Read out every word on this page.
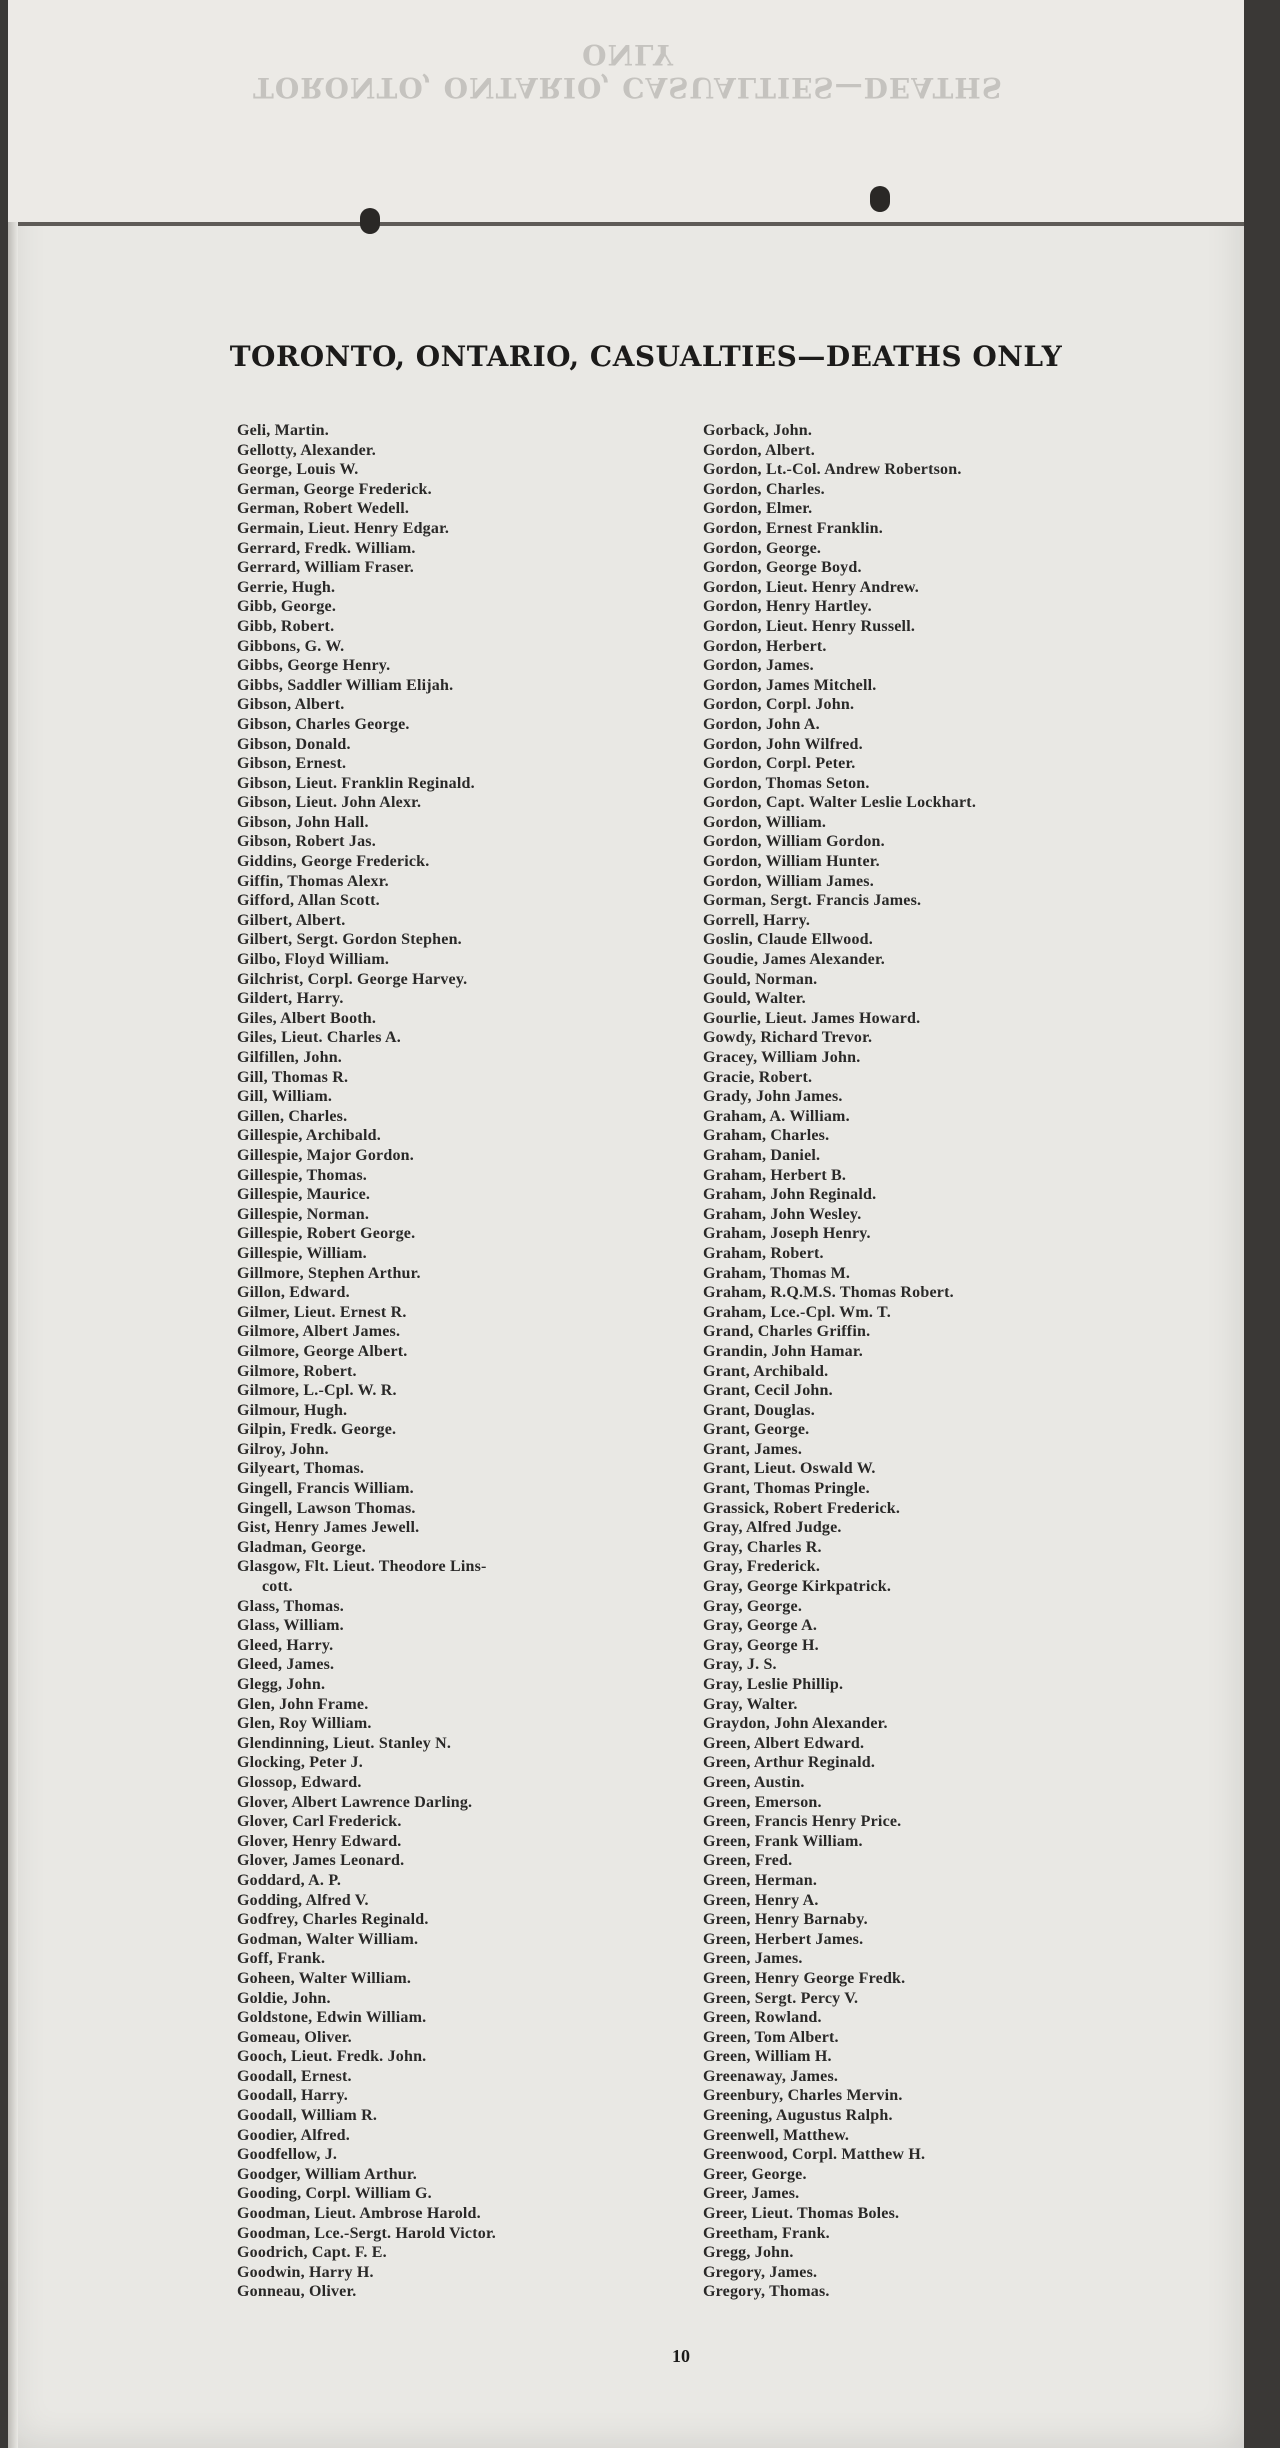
TORONTO, ONTARIO, CASUALTIES—DEATHS ONLY
TORONTO, ONTARIO, CASUALTIES—DEATHS ONLY
Geli, Martin.
Gellotty, Alexander.
George, Louis W.
German, George Frederick.
German, Robert Wedell.
Germain, Lieut. Henry Edgar.
Gerrard, Fredk. William.
Gerrard, William Fraser.
Gerrie, Hugh.
Gibb, George.
Gibb, Robert.
Gibbons, G. W.
Gibbs, George Henry.
Gibbs, Saddler William Elijah.
Gibson, Albert.
Gibson, Charles George.
Gibson, Donald.
Gibson, Ernest.
Gibson, Lieut. Franklin Reginald.
Gibson, Lieut. John Alexr.
Gibson, John Hall.
Gibson, Robert Jas.
Giddins, George Frederick.
Giffin, Thomas Alexr.
Gifford, Allan Scott.
Gilbert, Albert.
Gilbert, Sergt. Gordon Stephen.
Gilbo, Floyd William.
Gilchrist, Corpl. George Harvey.
Gildert, Harry.
Giles, Albert Booth.
Giles, Lieut. Charles A.
Gilfillen, John.
Gill, Thomas R.
Gill, William.
Gillen, Charles.
Gillespie, Archibald.
Gillespie, Major Gordon.
Gillespie, Thomas.
Gillespie, Maurice.
Gillespie, Norman.
Gillespie, Robert George.
Gillespie, William.
Gillmore, Stephen Arthur.
Gillon, Edward.
Gilmer, Lieut. Ernest R.
Gilmore, Albert James.
Gilmore, George Albert.
Gilmore, Robert.
Gilmore, L.-Cpl. W. R.
Gilmour, Hugh.
Gilpin, Fredk. George.
Gilroy, John.
Gilyeart, Thomas.
Gingell, Francis William.
Gingell, Lawson Thomas.
Gist, Henry James Jewell.
Gladman, George.
Glasgow, Flt. Lieut. Theodore Lins-
cott.
Glass, Thomas.
Glass, William.
Gleed, Harry.
Gleed, James.
Glegg, John.
Glen, John Frame.
Glen, Roy William.
Glendinning, Lieut. Stanley N.
Glocking, Peter J.
Glossop, Edward.
Glover, Albert Lawrence Darling.
Glover, Carl Frederick.
Glover, Henry Edward.
Glover, James Leonard.
Goddard, A. P.
Godding, Alfred V.
Godfrey, Charles Reginald.
Godman, Walter William.
Goff, Frank.
Goheen, Walter William.
Goldie, John.
Goldstone, Edwin William.
Gomeau, Oliver.
Gooch, Lieut. Fredk. John.
Goodall, Ernest.
Goodall, Harry.
Goodall, William R.
Goodier, Alfred.
Goodfellow, J.
Goodger, William Arthur.
Gooding, Corpl. William G.
Goodman, Lieut. Ambrose Harold.
Goodman, Lce.-Sergt. Harold Victor.
Goodrich, Capt. F. E.
Goodwin, Harry H.
Gonneau, Oliver.
Gorback, John.
Gordon, Albert.
Gordon, Lt.-Col. Andrew Robertson.
Gordon, Charles.
Gordon, Elmer.
Gordon, Ernest Franklin.
Gordon, George.
Gordon, George Boyd.
Gordon, Lieut. Henry Andrew.
Gordon, Henry Hartley.
Gordon, Lieut. Henry Russell.
Gordon, Herbert.
Gordon, James.
Gordon, James Mitchell.
Gordon, Corpl. John.
Gordon, John A.
Gordon, John Wilfred.
Gordon, Corpl. Peter.
Gordon, Thomas Seton.
Gordon, Capt. Walter Leslie Lockhart.
Gordon, William.
Gordon, William Gordon.
Gordon, William Hunter.
Gordon, William James.
Gorman, Sergt. Francis James.
Gorrell, Harry.
Goslin, Claude Ellwood.
Goudie, James Alexander.
Gould, Norman.
Gould, Walter.
Gourlie, Lieut. James Howard.
Gowdy, Richard Trevor.
Gracey, William John.
Gracie, Robert.
Grady, John James.
Graham, A. William.
Graham, Charles.
Graham, Daniel.
Graham, Herbert B.
Graham, John Reginald.
Graham, John Wesley.
Graham, Joseph Henry.
Graham, Robert.
Graham, Thomas M.
Graham, R.Q.M.S. Thomas Robert.
Graham, Lce.-Cpl. Wm. T.
Grand, Charles Griffin.
Grandin, John Hamar.
Grant, Archibald.
Grant, Cecil John.
Grant, Douglas.
Grant, George.
Grant, James.
Grant, Lieut. Oswald W.
Grant, Thomas Pringle.
Grassick, Robert Frederick.
Gray, Alfred Judge.
Gray, Charles R.
Gray, Frederick.
Gray, George Kirkpatrick.
Gray, George.
Gray, George A.
Gray, George H.
Gray, J. S.
Gray, Leslie Phillip.
Gray, Walter.
Graydon, John Alexander.
Green, Albert Edward.
Green, Arthur Reginald.
Green, Austin.
Green, Emerson.
Green, Francis Henry Price.
Green, Frank William.
Green, Fred.
Green, Herman.
Green, Henry A.
Green, Henry Barnaby.
Green, Herbert James.
Green, James.
Green, Henry George Fredk.
Green, Sergt. Percy V.
Green, Rowland.
Green, Tom Albert.
Green, William H.
Greenaway, James.
Greenbury, Charles Mervin.
Greening, Augustus Ralph.
Greenwell, Matthew.
Greenwood, Corpl. Matthew H.
Greer, George.
Greer, James.
Greer, Lieut. Thomas Boles.
Greetham, Frank.
Gregg, John.
Gregory, James.
Gregory, Thomas.
10
